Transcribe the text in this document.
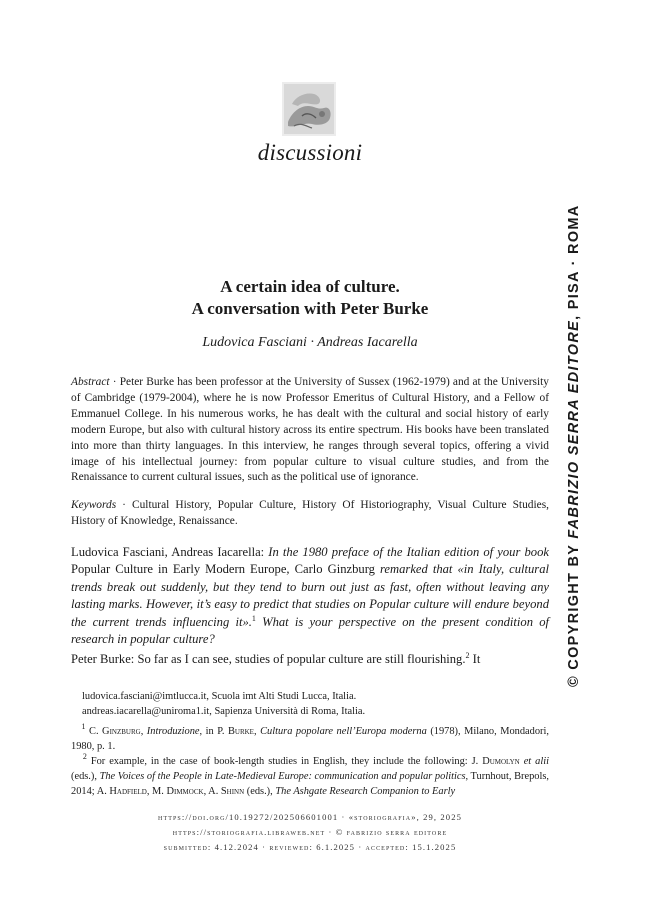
discussioni
A certain idea of culture.
A conversation with Peter Burke
Ludovica Fasciani · Andreas Iacarella
Abstract · Peter Burke has been professor at the University of Sussex (1962-1979) and at the University of Cambridge (1979-2004), where he is now Professor Emeritus of Cultural History, and a Fellow of Emmanuel College. In his numerous works, he has dealt with the cultural and social history of early modern Europe, but also with cultural history across its entire spectrum. His books have been translated into more than thirty languages. In this interview, he ranges through several topics, offering a vivid image of his intellectual journey: from popular culture to visual culture studies, and from the Renaissance to current cultural issues, such as the political use of ignorance.
Keywords · Cultural History, Popular Culture, History Of Historiography, Visual Culture Studies, History of Knowledge, Renaissance.
Ludovica Fasciani, Andreas Iacarella: In the 1980 preface of the Italian edition of your book Popular Culture in Early Modern Europe, Carlo Ginzburg remarked that «in Italy, cultural trends break out suddenly, but they tend to burn out just as fast, often without leaving any lasting marks. However, it’s easy to predict that studies on Popular culture will endure beyond the current trends influencing it».$^1$ What is your perspective on the present condition of research in popular culture?
Peter Burke: So far as I can see, studies of popular culture are still flourishing.$^2$ It
ludovica.fasciani@imtlucca.it, Scuola imt Alti Studi Lucca, Italia.
andreas.iacarella@uniroma1.it, Sapienza Università di Roma, Italia.
$^1$ C. Ginzburg, Introduzione, in P. Burke, Cultura popolare nell’Europa moderna (1978), Milano, Mondadori, 1980, p. 1.
$^2$ For example, in the case of book-length studies in English, they include the following: J. Dumolyn et alii (eds.), The Voices of the People in Late-Medieval Europe: communication and popular politics, Turnhout, Brepols, 2014; A. Hadfield, M. Dimmock, A. Shinn (eds.), The Ashgate Research Companion to Early
https://doi.org/10.19272/202506601001 · «storiografia», 29, 2025
https://storiografia.libraweb.net · © fabrizio serra editore
submitted: 4.12.2024 · reviewed: 6.1.2025 · accepted: 15.1.2025
© COPYRIGHT BY FABRIZIO SERRA EDITORE, PISA · ROMA
